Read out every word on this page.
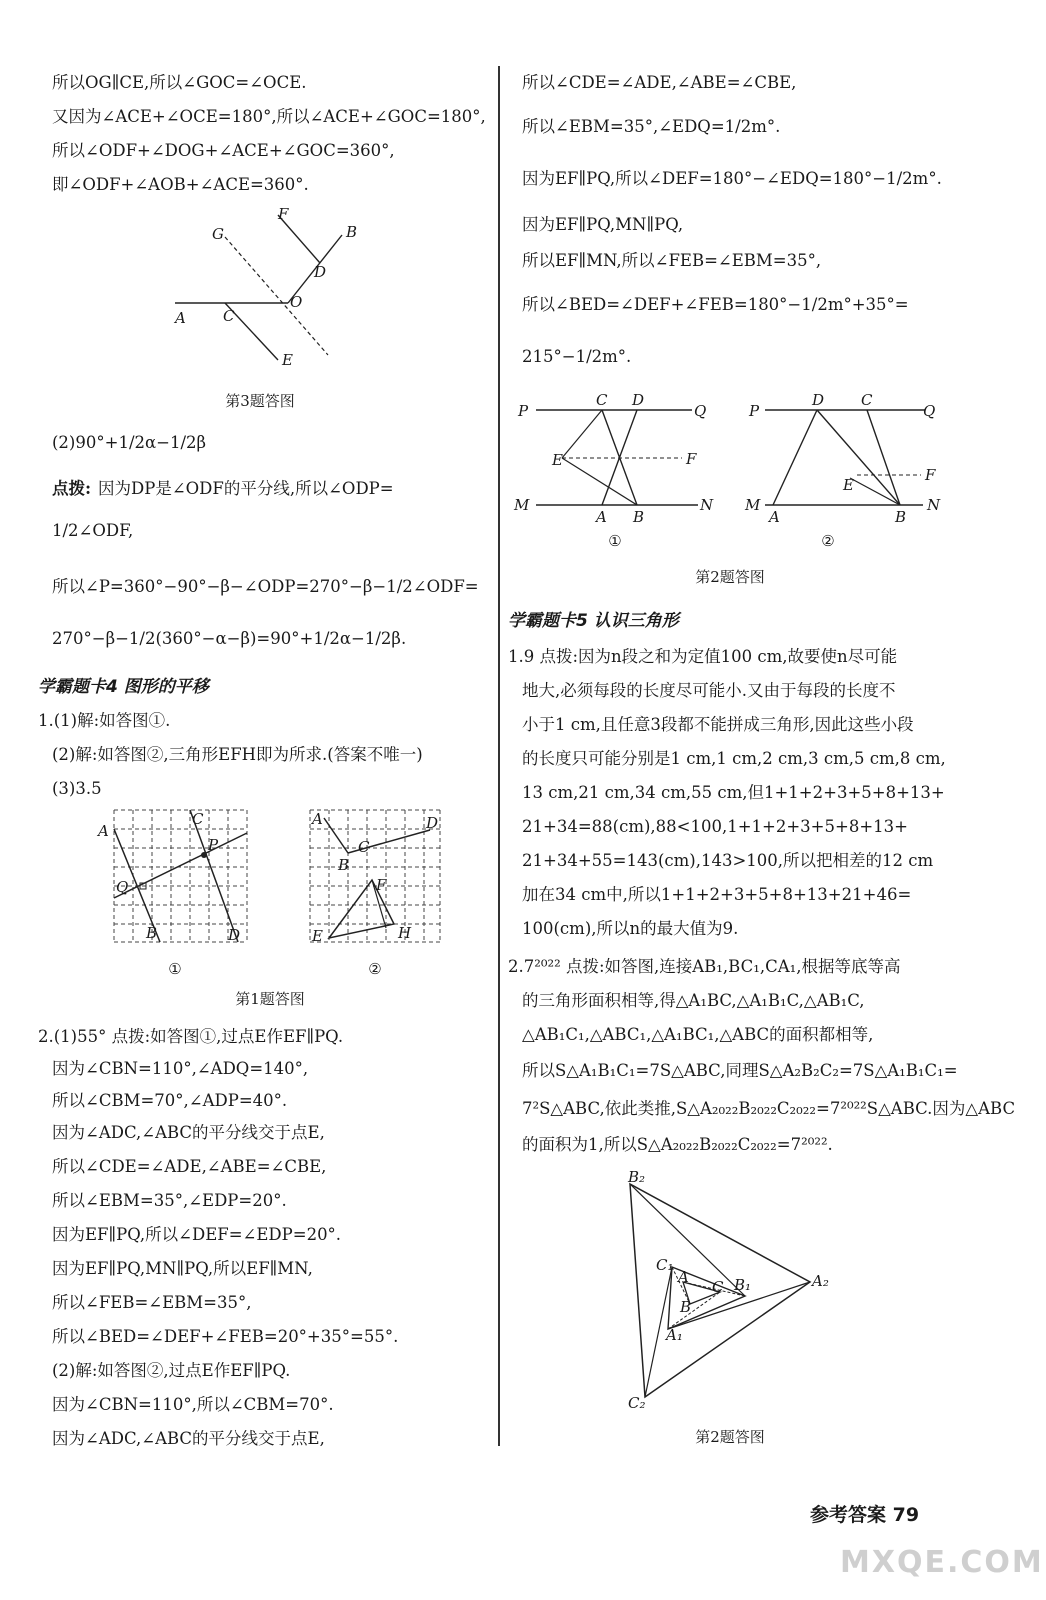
所以OG∥CE,所以∠GOC=∠OCE.
又因为∠ACE+∠OCE=180°,所以∠ACE+∠GOC=180°,
所以∠ODF+∠DOG+∠ACE+∠GOC=360°,
即∠ODF+∠AOB+∠ACE=360°.
F
B
G
D
A C
O
E
第3题答图
(2)90°+1/2α−1/2β
点拨: 因为DP是∠ODF的平分线,所以∠ODP=
1/2∠ODF,
所以∠P=360°−90°−β−∠ODP=270°−β−1/2∠ODF=
270°−β−1/2(360°−α−β)=90°+1/2α−1/2β.
学霸题卡4 图形的平移
1.(1)解:如答图①.
(2)解:如答图②,三角形EFH即为所求.(答案不唯一)
(3)3.5
A
C
P
Q
B	D
①
A	D
C
B
F
E	H
②
第1题答图
2.(1)55° 点拨:如答图①,过点E作EF∥PQ.
因为∠CBN=110°,∠ADQ=140°,
所以∠CBM=70°,∠ADP=40°.
因为∠ADC,∠ABC的平分线交于点E,
所以∠CDE=∠ADE,∠ABE=∠CBE,
所以∠EBM=35°,∠EDP=20°.
因为EF∥PQ,所以∠DEF=∠EDP=20°.
因为EF∥PQ,MN∥PQ,所以EF∥MN,
所以∠FEB=∠EBM=35°,
所以∠BED=∠DEF+∠FEB=20°+35°=55°.
(2)解:如答图②,过点E作EF∥PQ.
因为∠CBN=110°,所以∠CBM=70°.
因为∠ADC,∠ABC的平分线交于点E,
所以∠CDE=∠ADE,∠ABE=∠CBE,
所以∠EBM=35°,∠EDQ=1/2m°.
因为EF∥PQ,所以∠DEF=180°−∠EDQ=180°−1/2m°.
因为EF∥PQ,MN∥PQ,
所以EF∥MN,所以∠FEB=∠EBM=35°,
所以∠BED=∠DEF+∠FEB=180°−1/2m°+35°=
215°−1/2m°.
P
C D
Q
E	F
M
A B
N
①
P
D C
Q
E
F
M
A	B
N
②
第2题答图
学霸题卡5 认识三角形
1.9 点拨:因为n段之和为定值100 cm,故要使n尽可能
地大,必须每段的长度尽可能小.又由于每段的长度不
小于1 cm,且任意3段都不能拼成三角形,因此这些小段
的长度只可能分别是1 cm,1 cm,2 cm,3 cm,5 cm,8 cm,
13 cm,21 cm,34 cm,55 cm,但1+1+2+3+5+8+13+
21+34=88(cm),88<100,1+1+2+3+5+8+13+
21+34+55=143(cm),143>100,所以把相差的12 cm
加在34 cm中,所以1+1+2+3+5+8+13+21+46=
100(cm),所以n的最大值为9.
2.7²⁰²² 点拨:如答图,连接AB₁,BC₁,CA₁,根据等底等高
的三角形面积相等,得△A₁BC,△A₁B₁C,△AB₁C,
△AB₁C₁,△ABC₁,△A₁BC₁,△ABC的面积都相等,
所以S△A₁B₁C₁=7S△ABC,同理S△A₂B₂C₂=7S△A₁B₁C₁=
7²S△ABC,依此类推,S△A₂₀₂₂B₂₀₂₂C₂₀₂₂=7²⁰²²S△ABC.因为△ABC
的面积为1,所以S△A₂₀₂₂B₂₀₂₂C₂₀₂₂=7²⁰²².
B₂
C₁
A	B₁
C	A₂
B
A₁
C₂
第2题答图
参考答案 79
MXQE.COM
